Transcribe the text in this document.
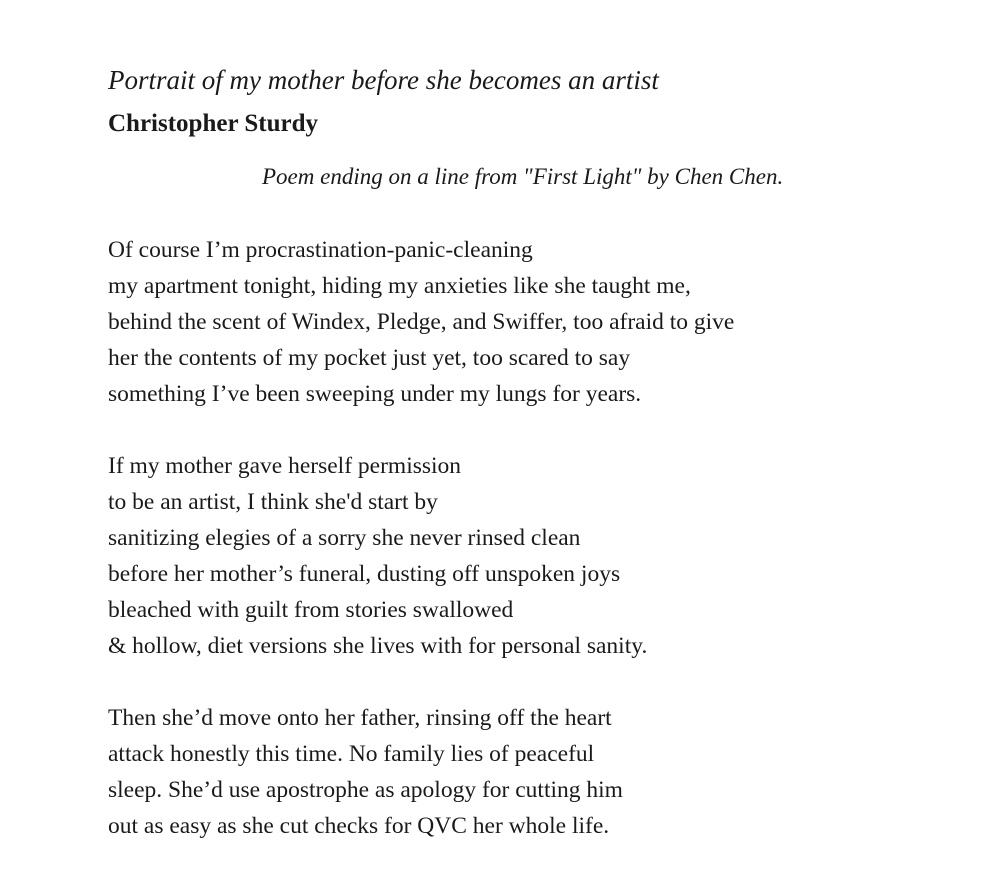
Portrait of my mother before she becomes an artist
Christopher Sturdy

Poem ending on a line from "First Light" by Chen Chen.

Of course I’m procrastination-panic-cleaning
my apartment tonight, hiding my anxieties like she taught me,
behind the scent of Windex, Pledge, and Swiffer, too afraid to give
her the contents of my pocket just yet, too scared to say
something I’ve been sweeping under my lungs for years.
If my mother gave herself permission
to be an artist, I think she'd start by
sanitizing elegies of a sorry she never rinsed clean
before her mother’s funeral, dusting off unspoken joys
bleached with guilt from stories swallowed
& hollow, diet versions she lives with for personal sanity.
Then she’d move onto her father, rinsing off the heart
attack honestly this time. No family lies of peaceful
sleep. She’d use apostrophe as apology for cutting him
out as easy as she cut checks for QVC her whole life.
